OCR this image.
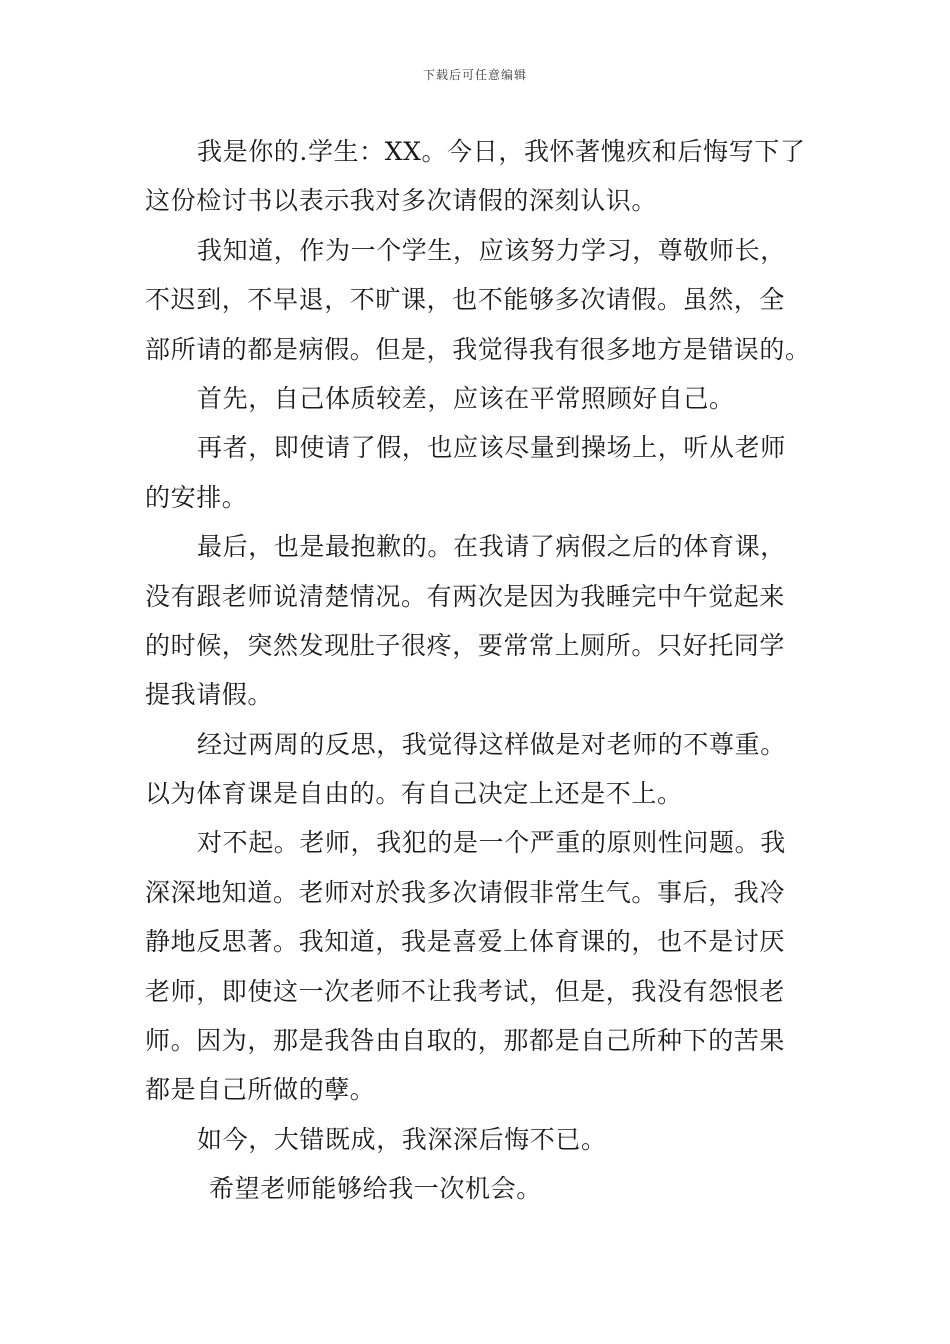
下载后可任意编辑
我是你的.学生：XX。今日，我怀著愧疚和后悔写下了
这份检讨书以表示我对多次请假的深刻认识。
我知道，作为一个学生，应该努力学习，尊敬师长，
不迟到，不早退，不旷课，也不能够多次请假。虽然，全
部所请的都是病假。但是，我觉得我有很多地方是错误的。
首先，自己体质较差，应该在平常照顾好自己。
再者，即使请了假，也应该尽量到操场上，听从老师
的安排。
最后，也是最抱歉的。在我请了病假之后的体育课，
没有跟老师说清楚情况。有两次是因为我睡完中午觉起来
的时候，突然发现肚子很疼，要常常上厕所。只好托同学
提我请假。
经过两周的反思，我觉得这样做是对老师的不尊重。
以为体育课是自由的。有自己决定上还是不上。
对不起。老师，我犯的是一个严重的原则性问题。我
深深地知道。老师对於我多次请假非常生气。事后，我冷
静地反思著。我知道，我是喜爱上体育课的，也不是讨厌
老师，即使这一次老师不让我考试，但是，我没有怨恨老
师。因为，那是我咎由自取的，那都是自己所种下的苦果
都是自己所做的孽。
如今，大错既成，我深深后悔不已。
希望老师能够给我一次机会。
